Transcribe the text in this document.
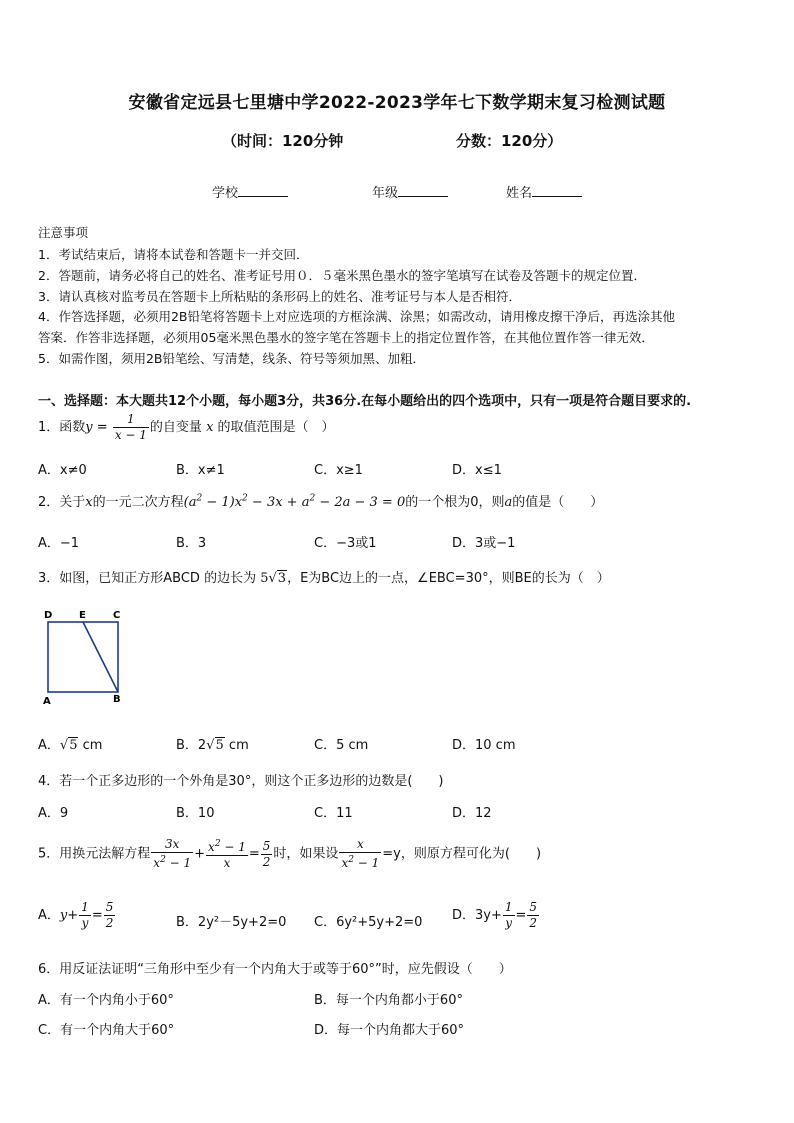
安徽省定远县七里塘中学2022-2023学年七下数学期末复习检测试题
（时间：120分钟	分数：120分）
学校	年级	姓名
注意事项
1．考试结束后，请将本试卷和答题卡一并交回．
2．答题前，请务必将自己的姓名、准考证号用０．５毫米黑色墨水的签字笔填写在试卷及答题卡的规定位置．
3．请认真核对监考员在答题卡上所粘贴的条形码上的姓名、准考证号与本人是否相符．
4．作答选择题，必须用2B铅笔将答题卡上对应选项的方框涂满、涂黑；如需改动，请用橡皮擦干净后，再选涂其他
答案．作答非选择题，必须用05毫米黑色墨水的签字笔在答题卡上的指定位置作答，在其他位置作答一律无效．
5．如需作图，须用2B铅笔绘、写清楚，线条、符号等须加黑、加粗．
一、选择题：本大题共12个小题，每小题3分，共36分.在每小题给出的四个选项中，只有一项是符合题目要求的.
1．函数$y = \frac{1}{x - 1}$ 的自变量 x 的取值范围是（　）
A．x≠0	B．x≠1	C．x≥1	D．x≤1
2．关于x的一元二次方程$(a^2 - 1)x^2 - 3x + a^2 - 2a - 3 = 0$的一个根为0，则a的值是（　　）
A．−1	B．3	C．−3或1	D．3或−1
3．如图，已知正方形ABCD 的边长为 5√3，E为BC边上的一点，∠EBC=30°，则BE的长为（　）
D	E	C
A	B
A．√5 cm	B．2√5 cm	C．5 cm	D．10 cm
4．若一个正多边形的一个外角是30°，则这个正多边形的边数是(　　)
A．9	B．10	C．11	D．12
5．用换元法解方程 $\frac{3x}{x^2 - 1} + \frac{x^2 - 1}{x} = \frac{5}{2}$ 时，如果设 $\frac{x}{x^2 - 1} =y$，则原方程可化为(　　)
A．$y+ \frac{1}{y} = \frac{5}{2}$	B．2y²－5y+2=0 C．6y²+5y+2=0 D．$3y+ \frac{1}{y} = \frac{5}{2}$
6．用反证法证明“三角形中至少有一个内角大于或等于60°”时，应先假设（　　）
A．有一个内角小于60°	B．每一个内角都小于60°
C．有一个内角大于60°	D．每一个内角都大于60°
